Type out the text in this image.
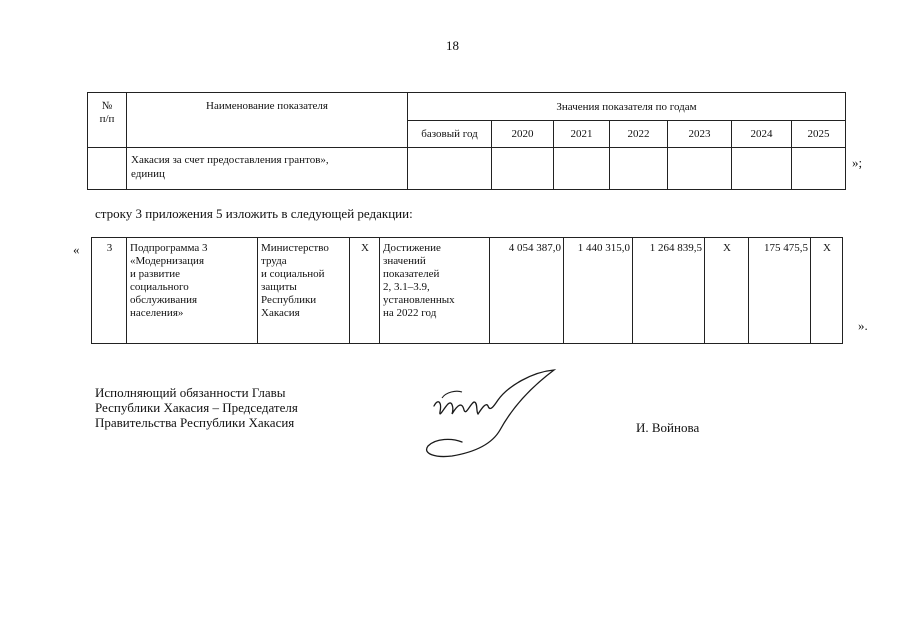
18
№
п/п	Наименование показателя	Значения показателя по годам						
		базовый год	2020	2021	2022	2023	2024	2025
	Хакасия за счет предоставления грантов»,
единиц							
»;
строку 3 приложения 5 изложить в следующей редакции:
« 3	Подпрограмма 3
«Модернизация
и развитие
социального
обслуживания
населения»	Министерство
труда
и социальной
защиты
Республики
Хакасия	Х	Достижение
значений
показателей
2, 3.1–3.9,
установленных
на 2022 год	4 054 387,0	1 440 315,0	1 264 839,5	Х	175 475,5	Х
».
Исполняющий обязанности Главы
Республики Хакасия – Председателя
Правительства Республики Хакасия	И. Войнова
